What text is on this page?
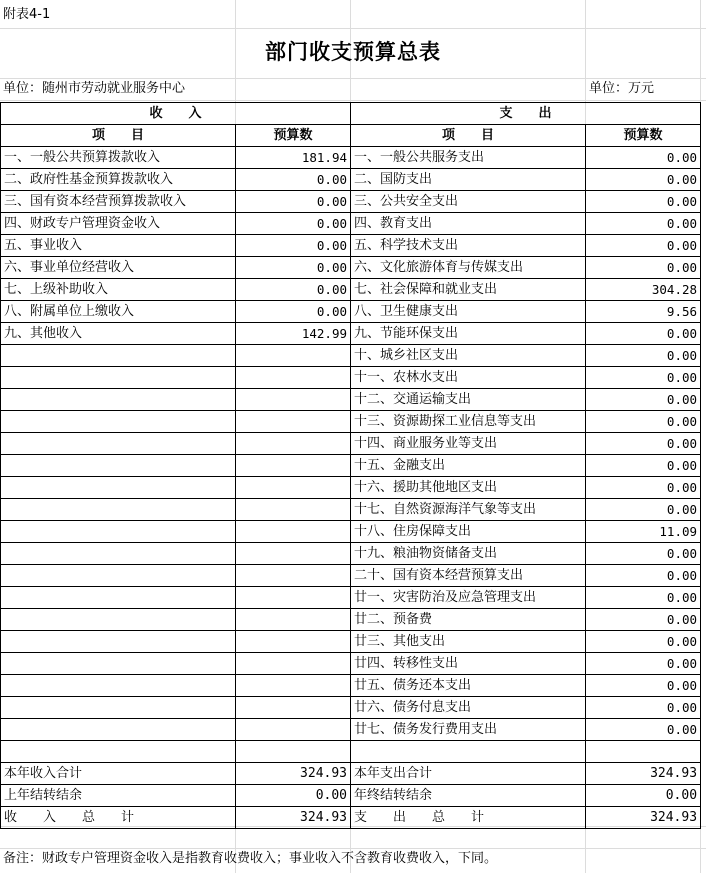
附表4-1
部门收支预算总表
单位：随州市劳动就业服务中心	单位：万元
收　　入		支　　出	
项　　目	预算数	项　　目	预算数
一、一般公共预算拨款收入	181.94	一、一般公共服务支出	0.00
二、政府性基金预算拨款收入	0.00	二、国防支出	0.00
三、国有资本经营预算拨款收入	0.00	三、公共安全支出	0.00
四、财政专户管理资金收入	0.00	四、教育支出	0.00
五、事业收入	0.00	五、科学技术支出	0.00
六、事业单位经营收入	0.00	六、文化旅游体育与传媒支出	0.00
七、上级补助收入	0.00	七、社会保障和就业支出	304.28
八、附属单位上缴收入	0.00	八、卫生健康支出	9.56
九、其他收入	142.99	九、节能环保支出	0.00
		十、城乡社区支出	0.00
		十一、农林水支出	0.00
		十二、交通运输支出	0.00
		十三、资源勘探工业信息等支出	0.00
		十四、商业服务业等支出	0.00
		十五、金融支出	0.00
		十六、援助其他地区支出	0.00
		十七、自然资源海洋气象等支出	0.00
		十八、住房保障支出	11.09
		十九、粮油物资储备支出	0.00
		二十、国有资本经营预算支出	0.00
		廿一、灾害防治及应急管理支出	0.00
		廿二、预备费	0.00
		廿三、其他支出	0.00
		廿四、转移性支出	0.00
		廿五、债务还本支出	0.00
		廿六、债务付息支出	0.00
		廿七、债务发行费用支出	0.00

本年收入合计	324.93	本年支出合计	324.93
上年结转结余	0.00	年终结转结余	0.00
收　　入　　总　　计	324.93	支　　出　　总　　计	324.93
备注：财政专户管理资金收入是指教育收费收入；事业收入不含教育收费收入，下同。
